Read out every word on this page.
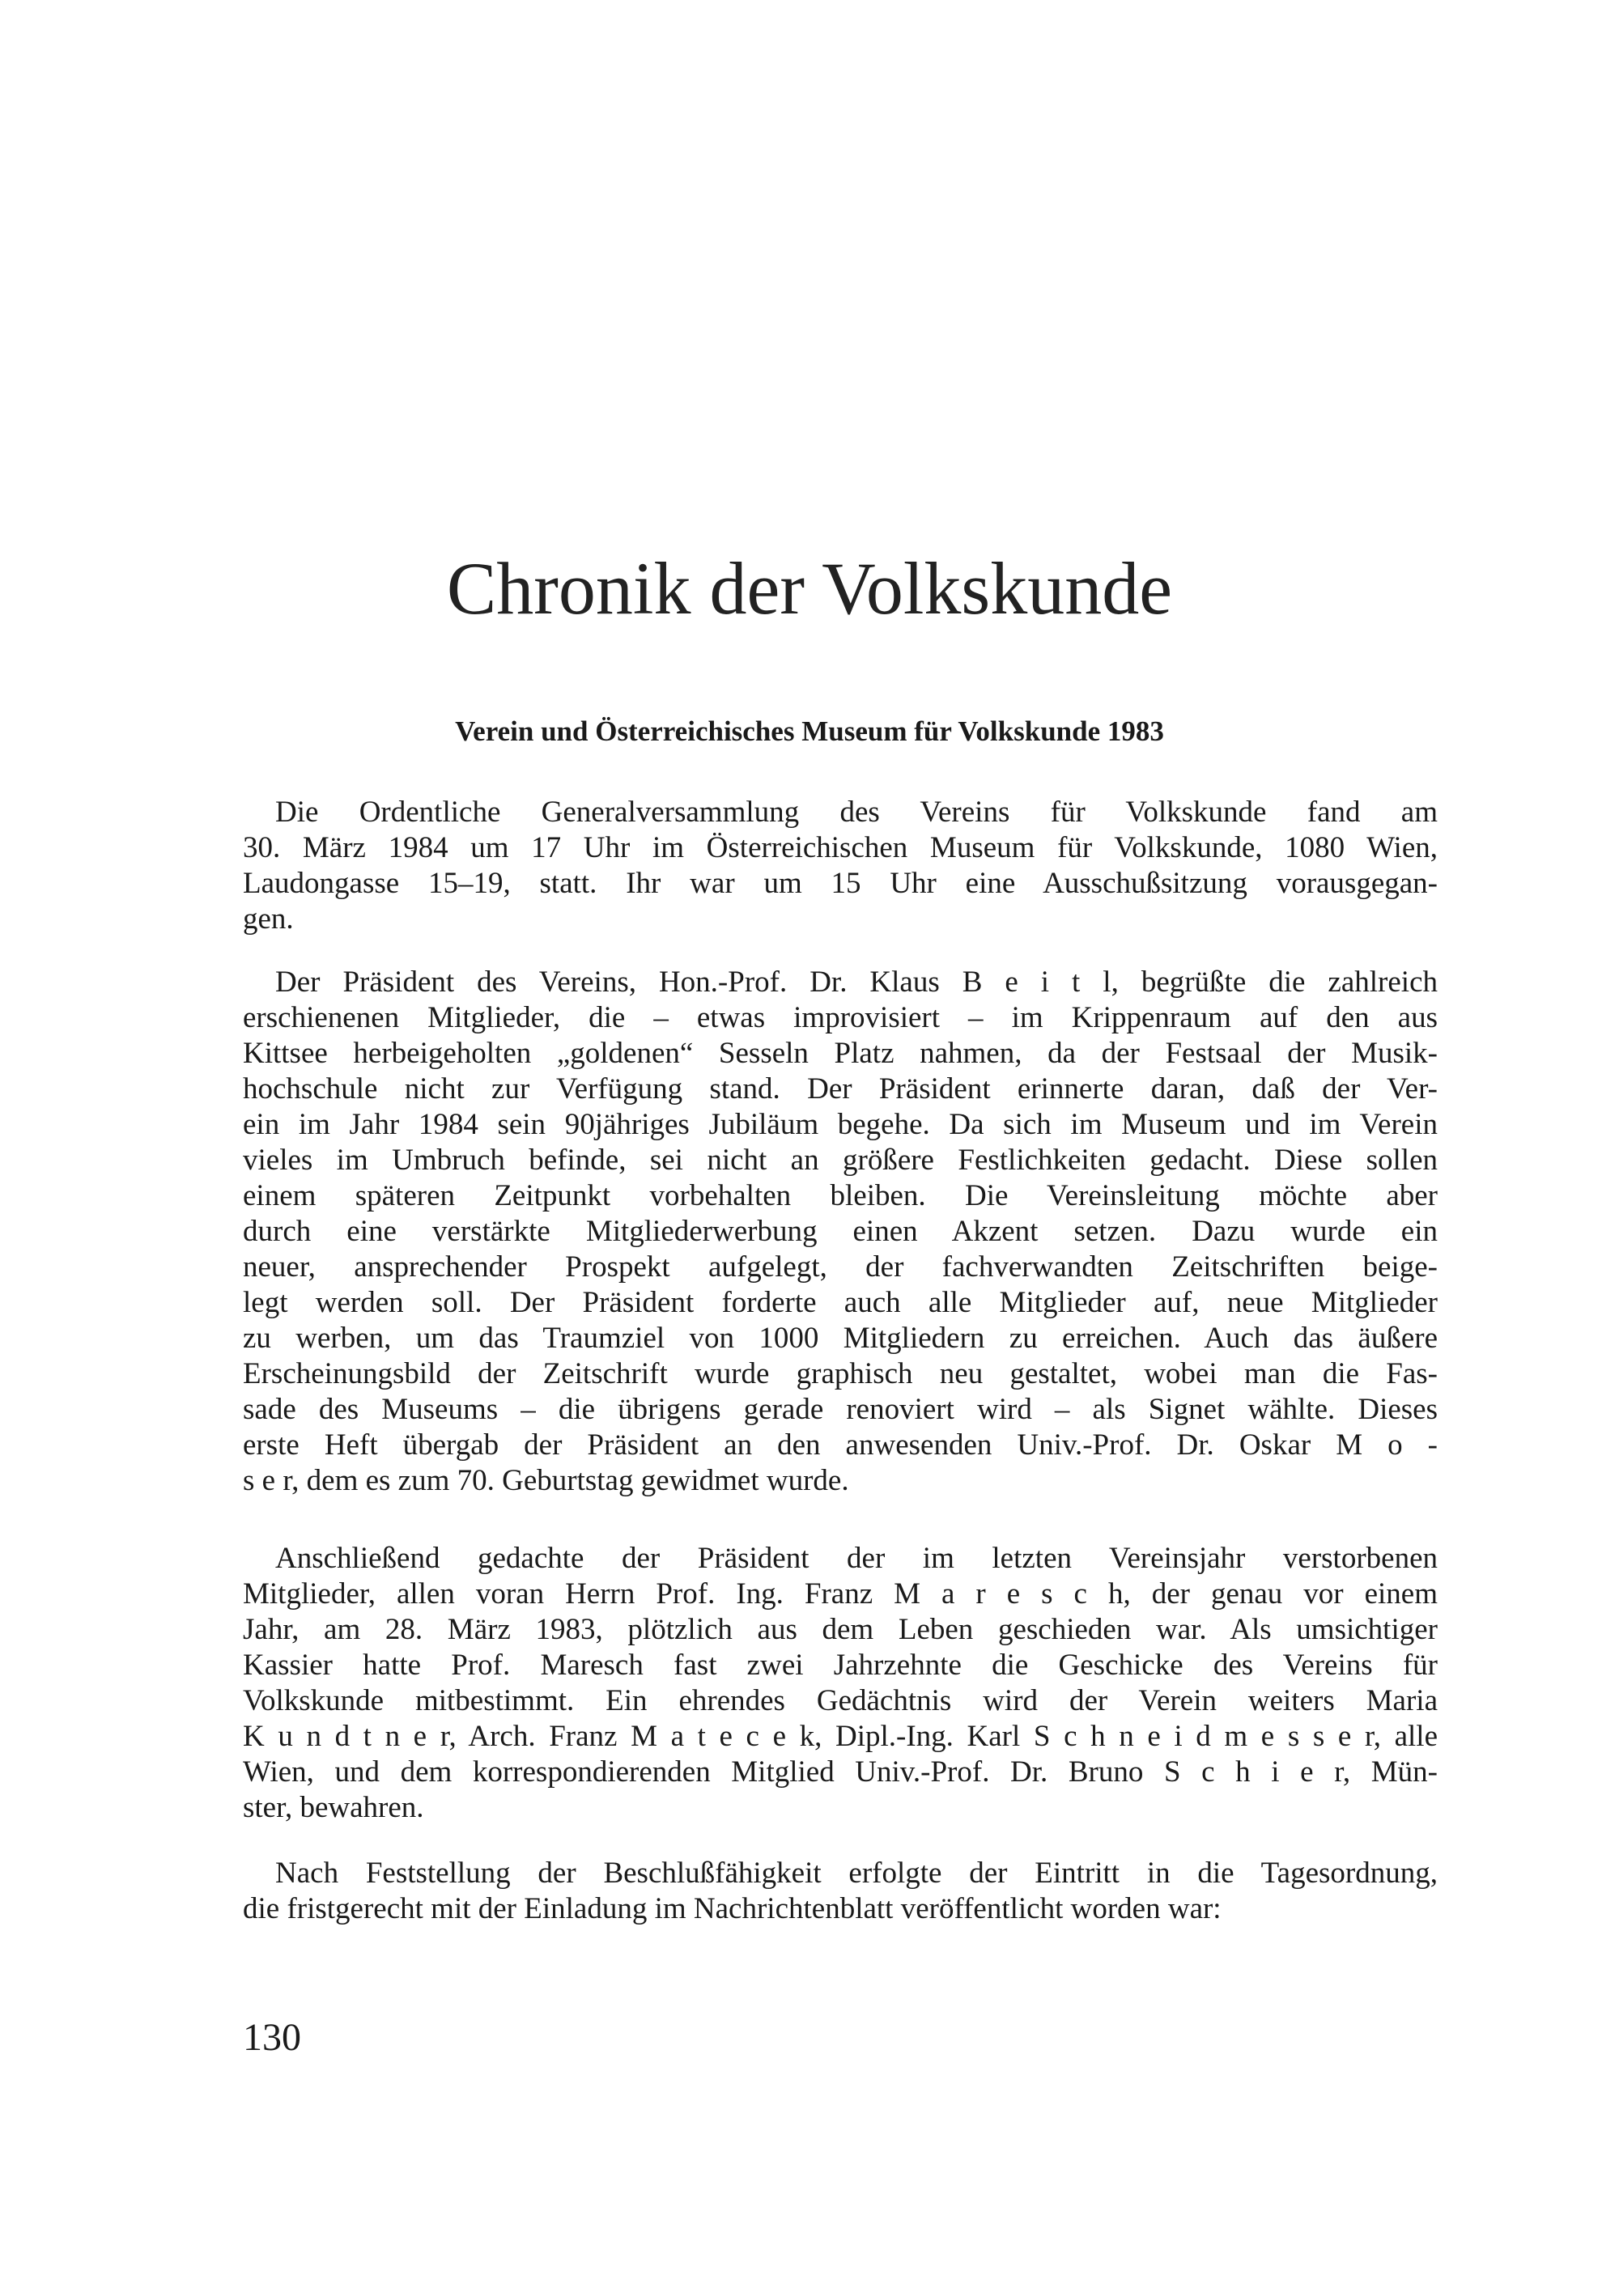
Chronik der Volkskunde
Verein und Österreichisches Museum für Volkskunde 1983
Die Ordentliche Generalversammlung des Vereins für Volkskunde fand am
30. März 1984 um 17 Uhr im Österreichischen Museum für Volkskunde, 1080 Wien,
Laudongasse 15–19, statt. Ihr war um 15 Uhr eine Ausschußsitzung vorausgegan-
gen.
Der Präsident des Vereins, Hon.-Prof. Dr. Klaus B e i t l, begrüßte die zahlreich
erschienenen Mitglieder, die – etwas improvisiert – im Krippenraum auf den aus
Kittsee herbeigeholten „goldenen“ Sesseln Platz nahmen, da der Festsaal der Musik-
hochschule nicht zur Verfügung stand. Der Präsident erinnerte daran, daß der Ver-
ein im Jahr 1984 sein 90jähriges Jubiläum begehe. Da sich im Museum und im Verein
vieles im Umbruch befinde, sei nicht an größere Festlichkeiten gedacht. Diese sollen
einem späteren Zeitpunkt vorbehalten bleiben. Die Vereinsleitung möchte aber
durch eine verstärkte Mitgliederwerbung einen Akzent setzen. Dazu wurde ein
neuer, ansprechender Prospekt aufgelegt, der fachverwandten Zeitschriften beige-
legt werden soll. Der Präsident forderte auch alle Mitglieder auf, neue Mitglieder
zu werben, um das Traumziel von 1000 Mitgliedern zu erreichen. Auch das äußere
Erscheinungsbild der Zeitschrift wurde graphisch neu gestaltet, wobei man die Fas-
sade des Museums – die übrigens gerade renoviert wird – als Signet wählte. Dieses
erste Heft übergab der Präsident an den anwesenden Univ.-Prof. Dr. Oskar M o -
s e r, dem es zum 70. Geburtstag gewidmet wurde.
Anschließend gedachte der Präsident der im letzten Vereinsjahr verstorbenen
Mitglieder, allen voran Herrn Prof. Ing. Franz M a r e s c h, der genau vor einem
Jahr, am 28. März 1983, plötzlich aus dem Leben geschieden war. Als umsichtiger
Kassier hatte Prof. Maresch fast zwei Jahrzehnte die Geschicke des Vereins für
Volkskunde mitbestimmt. Ein ehrendes Gedächtnis wird der Verein weiters Maria
K u n d t n e r, Arch. Franz M a t e c e k, Dipl.-Ing. Karl S c h n e i d m e s s e r, alle
Wien, und dem korrespondierenden Mitglied Univ.-Prof. Dr. Bruno S c h i e r, Mün-
ster, bewahren.
Nach Feststellung der Beschlußfähigkeit erfolgte der Eintritt in die Tagesordnung,
die fristgerecht mit der Einladung im Nachrichtenblatt veröffentlicht worden war:
130
